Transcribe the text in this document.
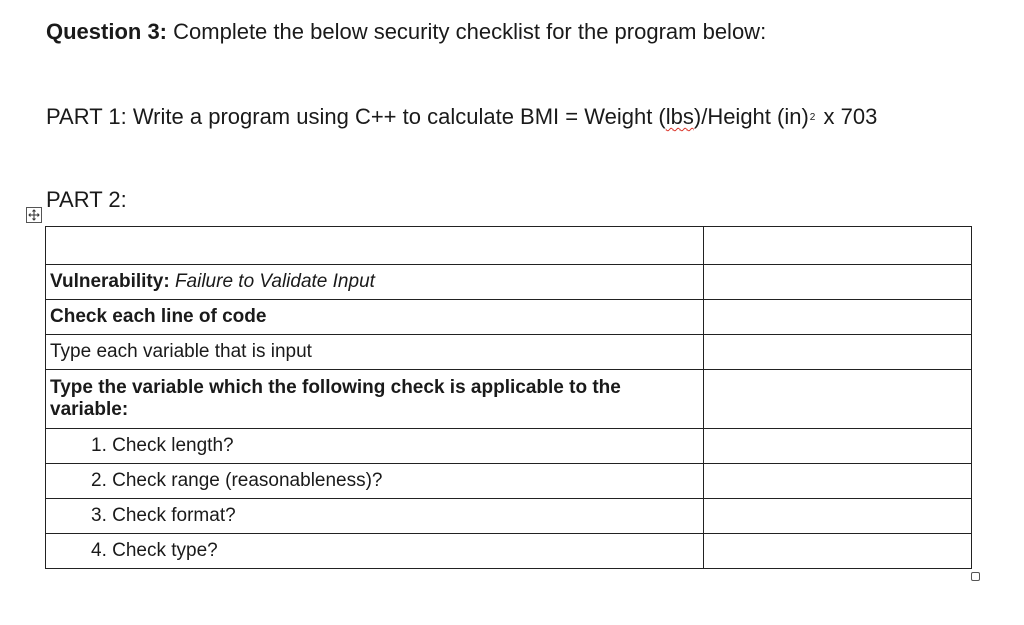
Question 3: Complete the below security checklist for the program below:
PART 1: Write a program using C++ to calculate BMI = Weight (lbs)/Height (in)$^2$ x 703
PART 2:

Vulnerability: Failure to Validate Input	
Check each line of code	
Type each variable that is input	
Type the variable which the following check is applicable to the variable:	
1. Check length?	
2. Check range (reasonableness)?	
3. Check format?	
4. Check type?	
